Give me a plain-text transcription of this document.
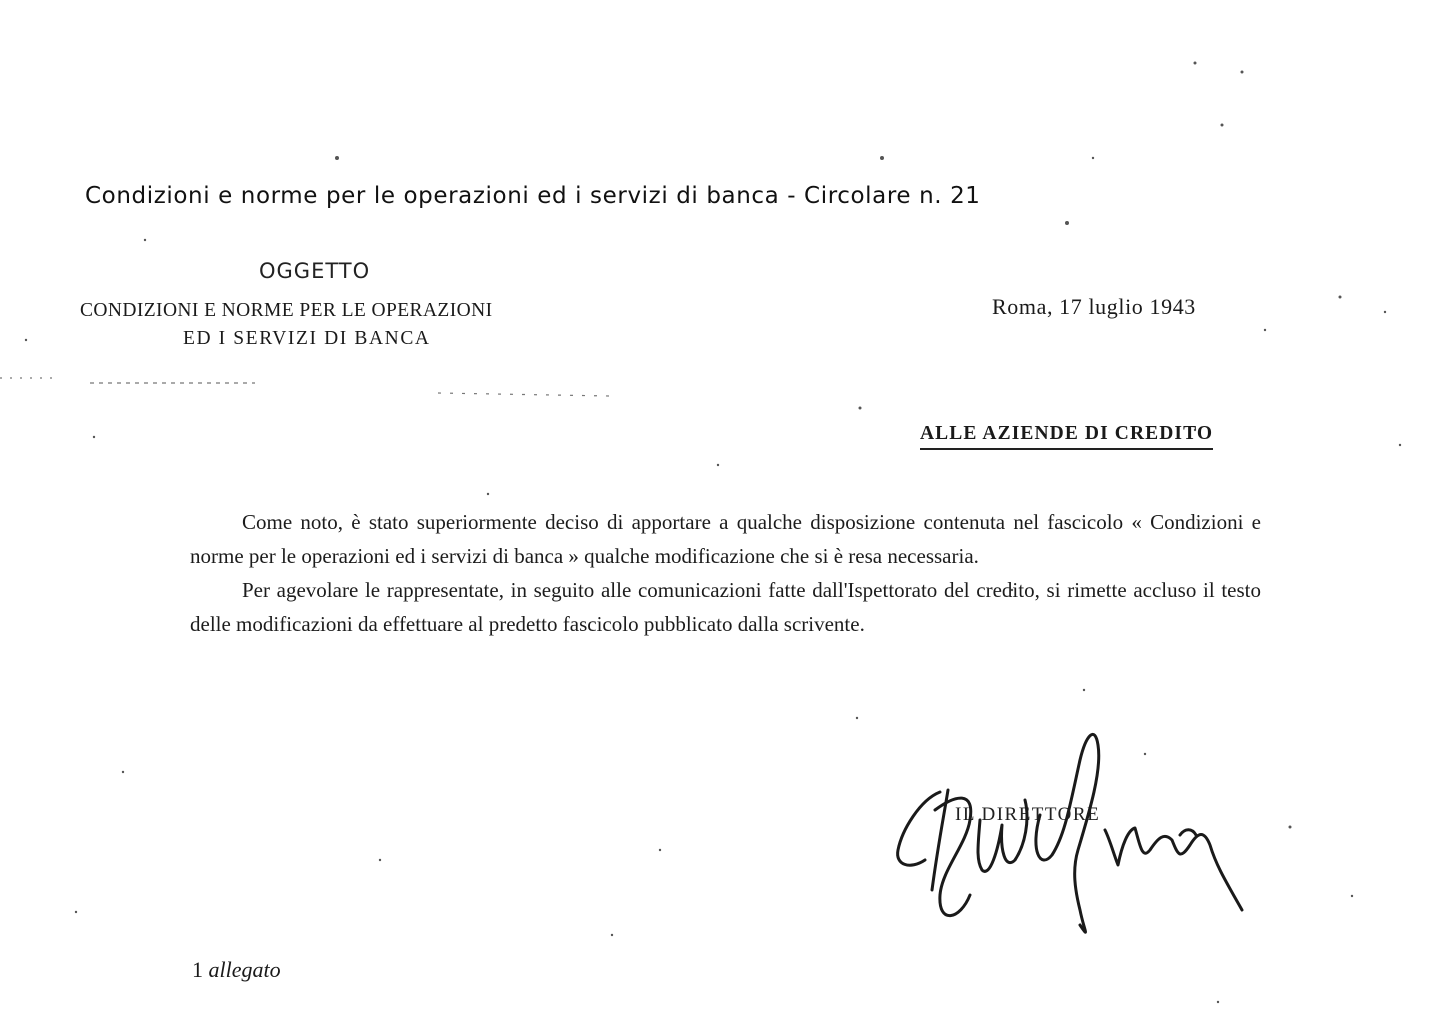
Condizioni e norme per le operazioni ed i servizi di banca - Circolare n. 21
OGGETTO
CONDIZIONI E NORME PER LE OPERAZIONI
ED I SERVIZI DI BANCA
Roma, 17 luglio 1943
ALLE AZIENDE DI CREDITO

Come noto, è stato superiormente deciso di apportare a qualche disposizione contenuta nel fascicolo « Condizioni e norme per le operazioni ed i servizi di banca » qualche modificazione che si è resa necessaria.

Per agevolare le rappresentate, in seguito alle comunicazioni fatte dall'Ispettorato del credito, si rimette accluso il testo delle modificazioni da effettuare al predetto fascicolo pubblicato dalla scrivente.

IL DIRETTORE
1 allegato
